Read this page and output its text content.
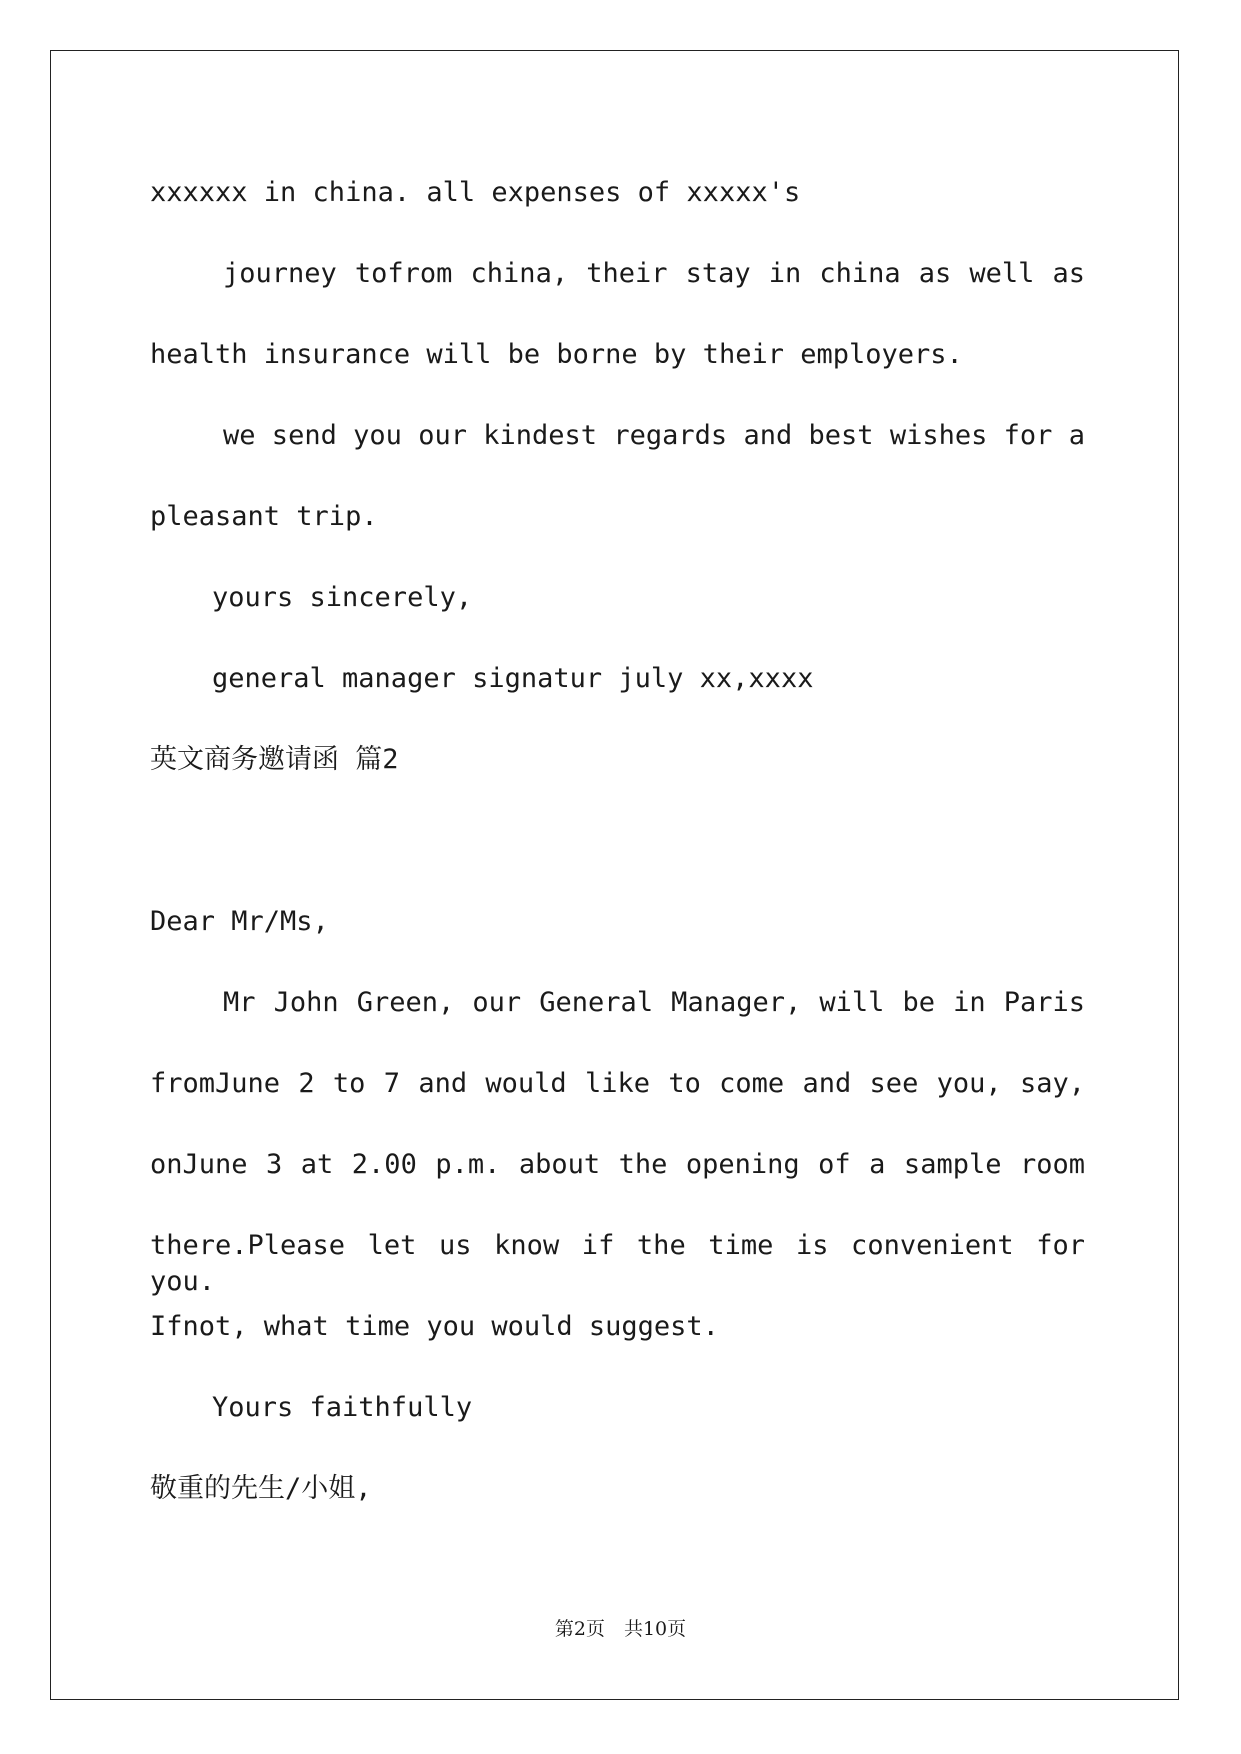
xxxxxx in china. all expenses of xxxxx's

journey tofrom china, their stay in china as well as

health insurance will be borne by their employers.

we send you our kindest regards and best wishes for a

pleasant trip.

yours sincerely,

general manager signatur july xx,xxxx

英文商务邀请函 篇2

Dear Mr/Ms,

Mr John Green, our General Manager, will be in Paris

fromJune 2 to 7 and would like to come and see you, say,

onJune 3 at 2.00 p.m. about the opening of a sample room

there.Please let us know if the time is convenient for you.

Ifnot, what time you would suggest.

Yours faithfully

敬重的先生/小姐,

第2页　共10页
